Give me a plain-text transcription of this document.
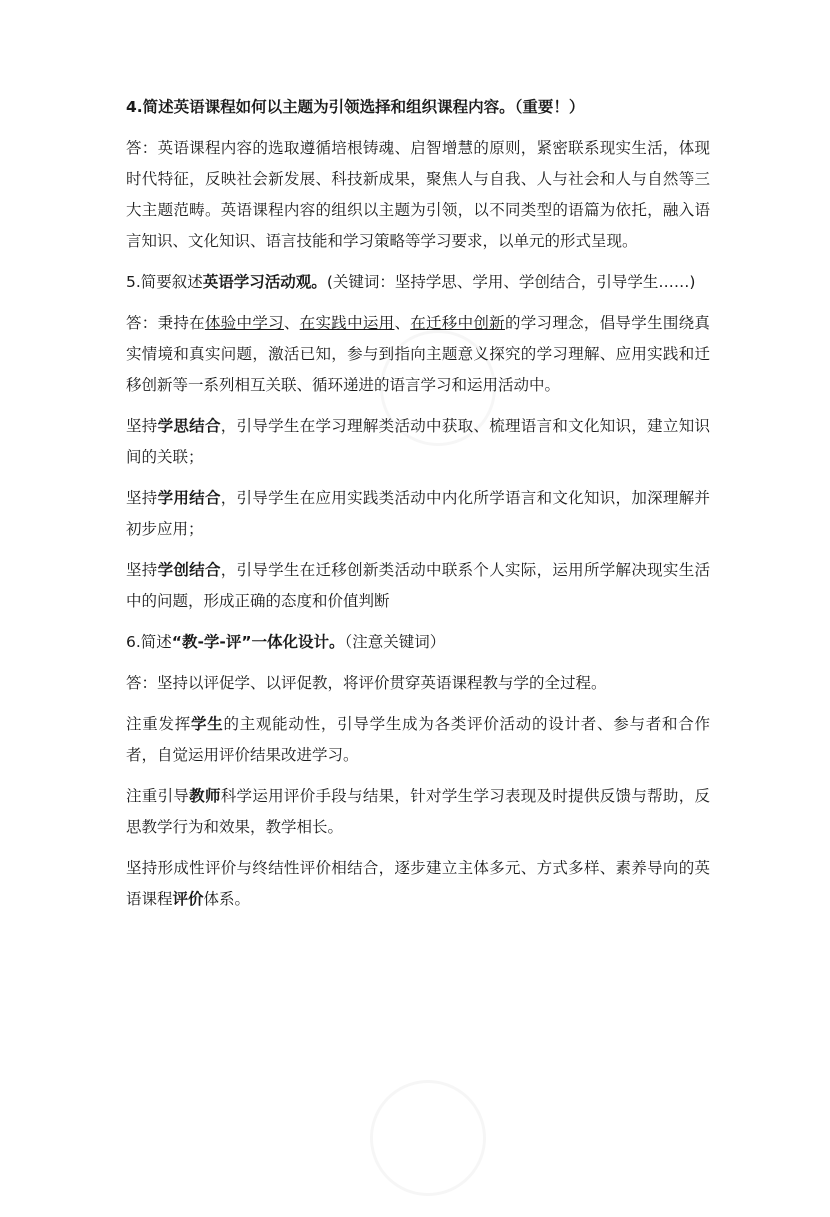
4.简述英语课程如何以主题为引领选择和组织课程内容。（重要！）

答：英语课程内容的选取遵循培根铸魂、启智增慧的原则，紧密联系现实生活，体现时代特征，反映社会新发展、科技新成果，聚焦人与自我、人与社会和人与自然等三大主题范畴。英语课程内容的组织以主题为引领，以不同类型的语篇为依托，融入语言知识、文化知识、语言技能和学习策略等学习要求，以单元的形式呈现。

5.简要叙述英语学习活动观。(关键词：坚持学思、学用、学创结合，引导学生……)

答：秉持在体验中学习、在实践中运用、在迁移中创新的学习理念，倡导学生围绕真实情境和真实问题，激活已知，参与到指向主题意义探究的学习理解、应用实践和迁移创新等一系列相互关联、循环递进的语言学习和运用活动中。

坚持学思结合，引导学生在学习理解类活动中获取、梳理语言和文化知识，建立知识间的关联；

坚持学用结合，引导学生在应用实践类活动中内化所学语言和文化知识，加深理解并初步应用；

坚持学创结合，引导学生在迁移创新类活动中联系个人实际，运用所学解决现实生活中的问题，形成正确的态度和价值判断

6.简述“教-学-评”一体化设计。（注意关键词）

答：坚持以评促学、以评促教，将评价贯穿英语课程教与学的全过程。

注重发挥学生的主观能动性，引导学生成为各类评价活动的设计者、参与者和合作者，自觉运用评价结果改进学习。

注重引导教师科学运用评价手段与结果，针对学生学习表现及时提供反馈与帮助，反思教学行为和效果，教学相长。

坚持形成性评价与终结性评价相结合，逐步建立主体多元、方式多样、素养导向的英语课程评价体系。
